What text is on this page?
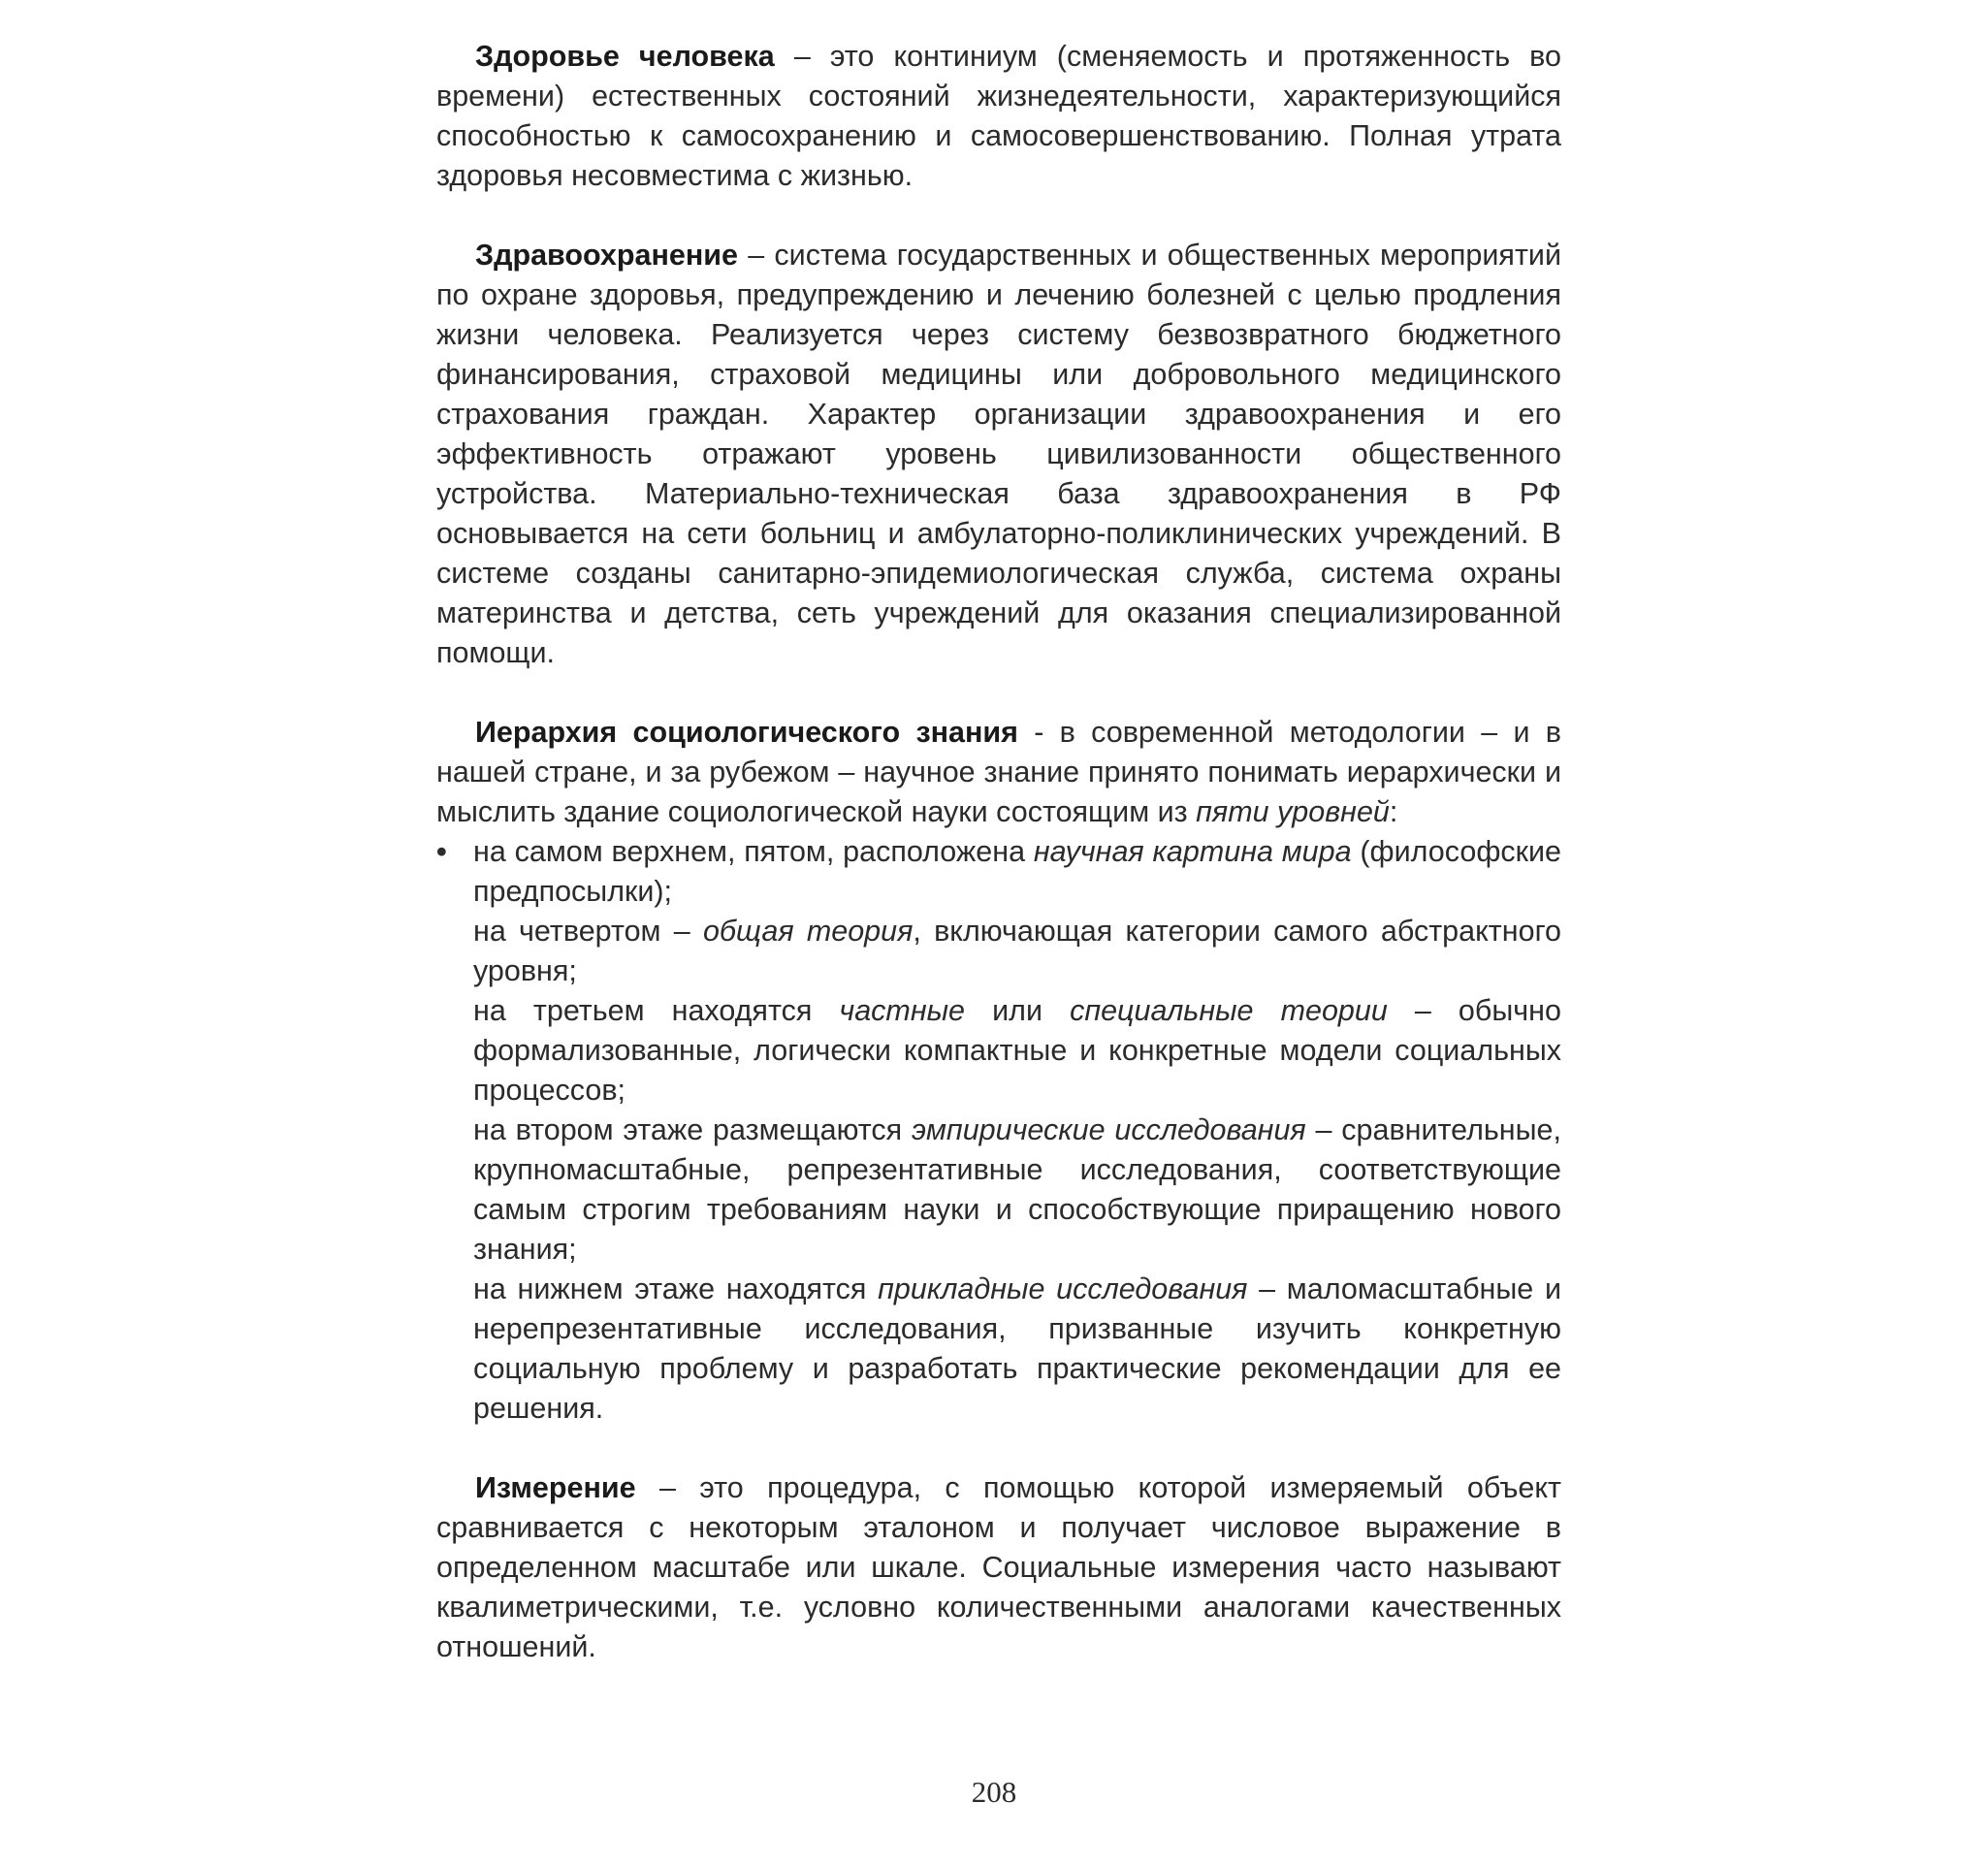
Здоровье человека – это континиум (сменяемость и протяженность во времени) естественных состояний жизнедеятельности, характеризующийся способностью к самосохранению и самосовершенствованию. Полная утрата здоровья несовместима с жизнью.

Здравоохранение – система государственных и общественных мероприятий по охране здоровья, предупреждению и лечению болезней с целью продления жизни человека. Реализуется через систему безвозвратного бюджетного финансирования, страховой медицины или добровольного медицинского страхования граждан. Характер организации здравоохранения и его эффективность отражают уровень цивилизованности общественного устройства. Материально-техническая база здравоохранения в РФ основывается на сети больниц и амбулаторно-поликлинических учреждений. В системе созданы санитарно-эпидемиологическая служба, система охраны материнства и детства, сеть учреждений для оказания специализированной помощи.

Иерархия социологического знания - в современной методологии – и в нашей стране, и за рубежом – научное знание принято понимать иерархически и мыслить здание социологической науки состоящим из пяти уровней:

• на самом верхнем, пятом, расположена научная картина мира (философские предпосылки);
на четвертом – общая теория, включающая категории самого абстрактного уровня;
на третьем находятся частные или специальные теории – обычно формализованные, логически компактные и конкретные модели социальных процессов;
на втором этаже размещаются эмпирические исследования – сравнительные, крупномасштабные, репрезентативные исследования, соответствующие самым строгим требованиям науки и способствующие приращению нового знания;
на нижнем этаже находятся прикладные исследования – маломасштабные и нерепрезентативные исследования, призванные изучить конкретную социальную проблему и разработать практические рекомендации для ее решения.

Измерение – это процедура, с помощью которой измеряемый объект сравнивается с некоторым эталоном и получает числовое выражение в определенном масштабе или шкале. Социальные измерения часто называют квалиметрическими, т.е. условно количественными аналогами качественных отношений.

208
